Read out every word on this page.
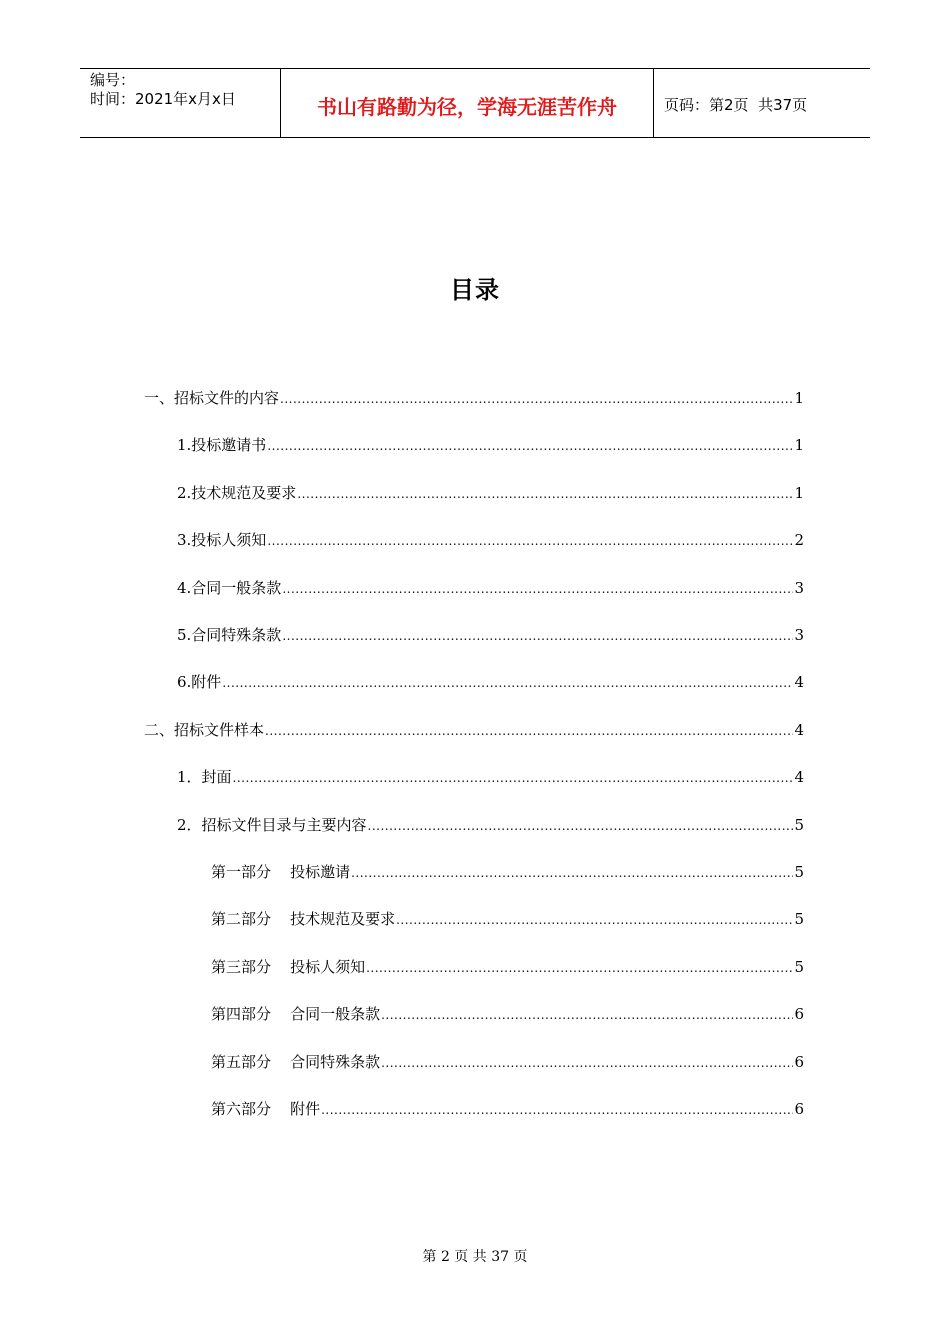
编号：
时间：2021年x月x日	书山有路勤为径，学海无涯苦作舟	页码：第2页  共37页
目录
一、招标文件的内容 .....	1
1.投标邀请书 .....	1
2.技术规范及要求 .....	1
3.投标人须知 .....	2
4.合同一般条款 .....	3
5.合同特殊条款 .....	3
6.附件 .....	4
二、招标文件样本 .....	4
1．封面 .....	4
2．招标文件目录与主要内容 .....	5
第一部分    投标邀请 .....	5
第二部分    技术规范及要求 .....	5
第三部分    投标人须知 .....	5
第四部分    合同一般条款 .....	6
第五部分    合同特殊条款 .....	6
第六部分    附件 .....	6
第 2 页 共 37 页
